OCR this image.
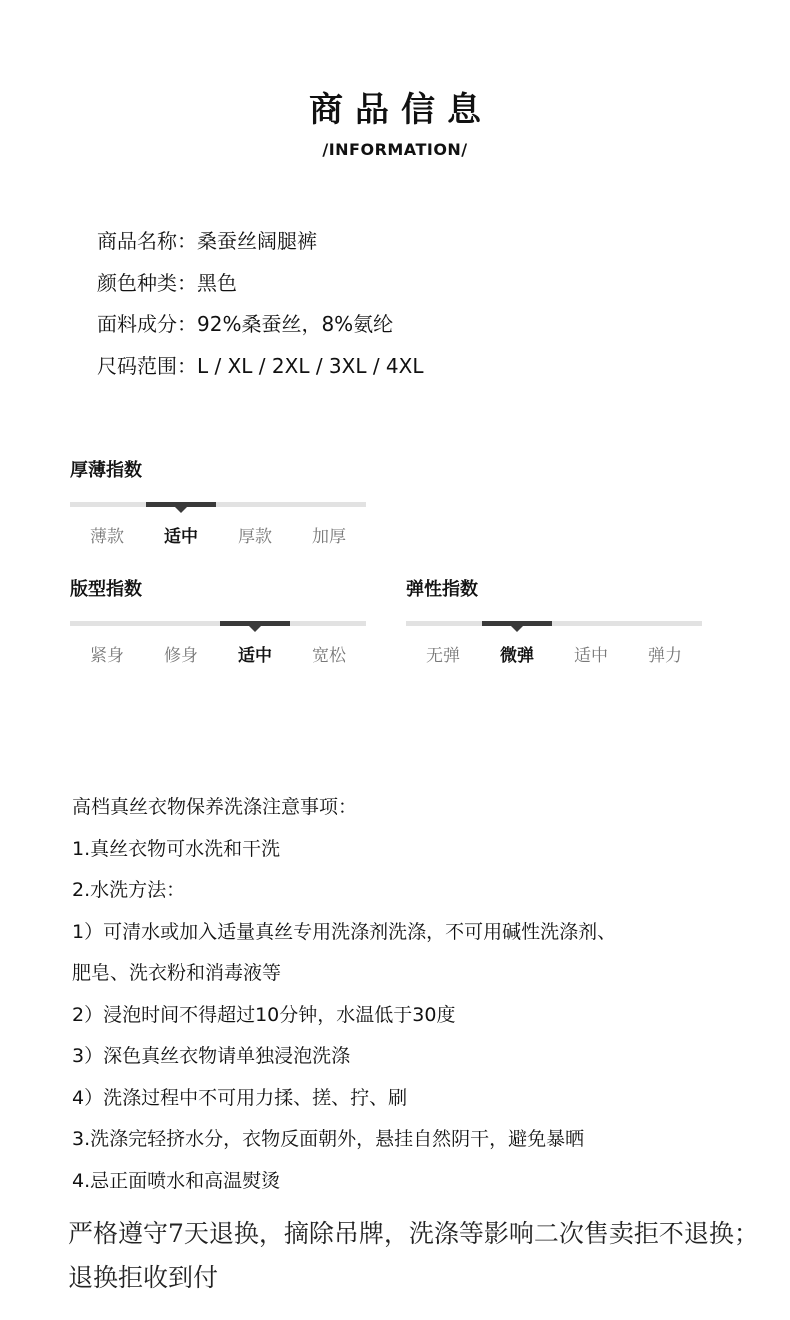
商品信息
/INFORMATION/
商品名称：桑蚕丝阔腿裤
颜色种类：黑色
面料成分：92%桑蚕丝，8%氨纶
尺码范围：L / XL / 2XL / 3XL / 4XL
厚薄指数
薄款	适中	厚款	加厚
版型指数
紧身	修身	适中	宽松
弹性指数
无弹	微弹	适中	弹力
高档真丝衣物保养洗涤注意事项：
1.真丝衣物可水洗和干洗
2.水洗方法：
1）可清水或加入适量真丝专用洗涤剂洗涤，不可用碱性洗涤剂、
肥皂、洗衣粉和消毒液等
2）浸泡时间不得超过10分钟，水温低于30度
3）深色真丝衣物请单独浸泡洗涤
4）洗涤过程中不可用力揉、搓、拧、刷
3.洗涤完轻挤水分，衣物反面朝外，悬挂自然阴干，避免暴晒
4.忌正面喷水和高温熨烫
严格遵守7天退换，摘除吊牌，洗涤等影响二次售卖拒不退换；退换拒收到付
